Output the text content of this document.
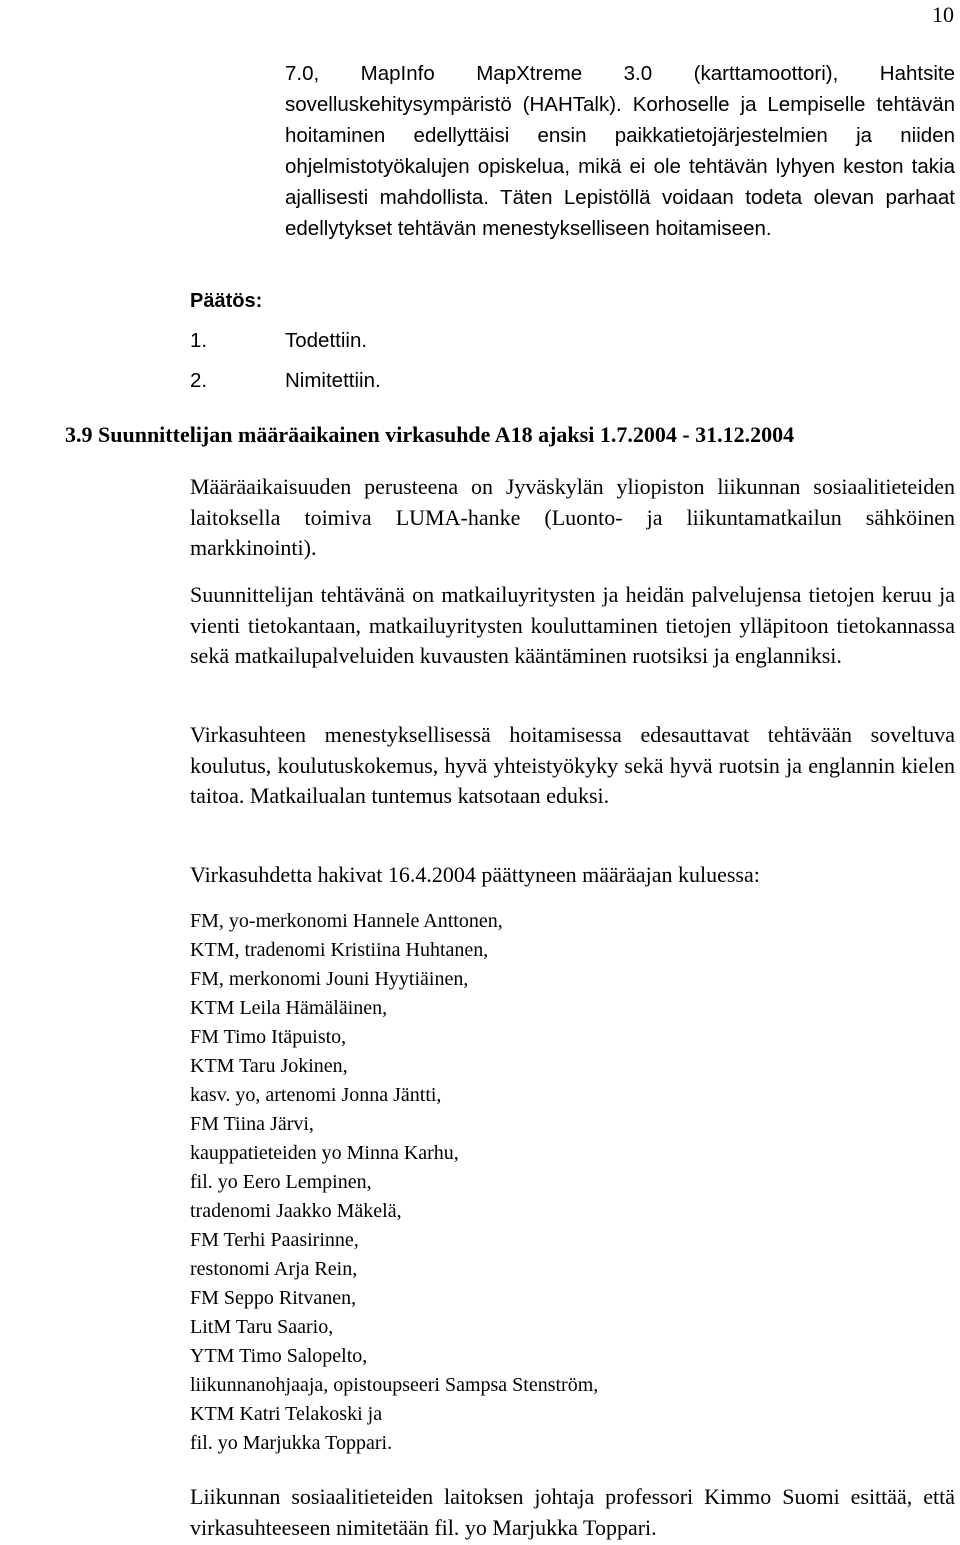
10

7.0, MapInfo MapXtreme 3.0 (karttamoottori), Hahtsite sovelluskehitysympäristö (HAHTalk). Korhoselle ja Lempiselle tehtävän hoitaminen edellyttäisi ensin paikkatietojärjestelmien ja niiden ohjelmistotyökalujen opiskelua, mikä ei ole tehtävän lyhyen keston takia ajallisesti mahdollista. Täten Lepistöllä voidaan todeta olevan parhaat edellytykset tehtävän menestykselliseen hoitamiseen.

Päätös:

1.	Todettiin.

2.	Nimitettiin.

3.9 Suunnittelijan määräaikainen virkasuhde A18 ajaksi 1.7.2004 - 31.12.2004

Määräaikaisuuden perusteena on Jyväskylän yliopiston liikunnan sosiaalitieteiden laitoksella toimiva LUMA-hanke (Luonto- ja liikuntamatkailun sähköinen markkinointi).

Suunnittelijan tehtävänä on matkailuyritysten ja heidän palvelujensa tietojen keruu ja vienti tietokantaan, matkailuyritysten kouluttaminen tietojen ylläpitoon tietokannassa sekä matkailupalveluiden kuvausten kääntäminen ruotsiksi ja englanniksi.

Virkasuhteen menestyksellisessä hoitamisessa edesauttavat tehtävään soveltuva koulutus, koulutuskokemus, hyvä yhteistyökyky sekä hyvä ruotsin ja englannin kielen taitoa. Matkailualan tuntemus katsotaan eduksi.

Virkasuhdetta hakivat 16.4.2004 päättyneen määräajan kuluessa:

FM, yo-merkonomi Hannele Anttonen,
KTM, tradenomi Kristiina Huhtanen,
FM, merkonomi Jouni Hyytiäinen,
KTM Leila Hämäläinen,
FM Timo Itäpuisto,
KTM Taru Jokinen,
kasv. yo, artenomi Jonna Jäntti,
FM Tiina Järvi,
kauppatieteiden yo Minna Karhu,
fil. yo Eero Lempinen,
tradenomi Jaakko Mäkelä,
FM Terhi Paasirinne,
restonomi Arja Rein,
FM Seppo Ritvanen,
LitM Taru Saario,
YTM Timo Salopelto,
liikunnanohjaaja, opistoupseeri Sampsa Stenström,
KTM Katri Telakoski ja
fil. yo Marjukka Toppari.

Liikunnan sosiaalitieteiden laitoksen johtaja professori Kimmo Suomi esittää, että virkasuhteeseen nimitetään fil. yo Marjukka Toppari.
